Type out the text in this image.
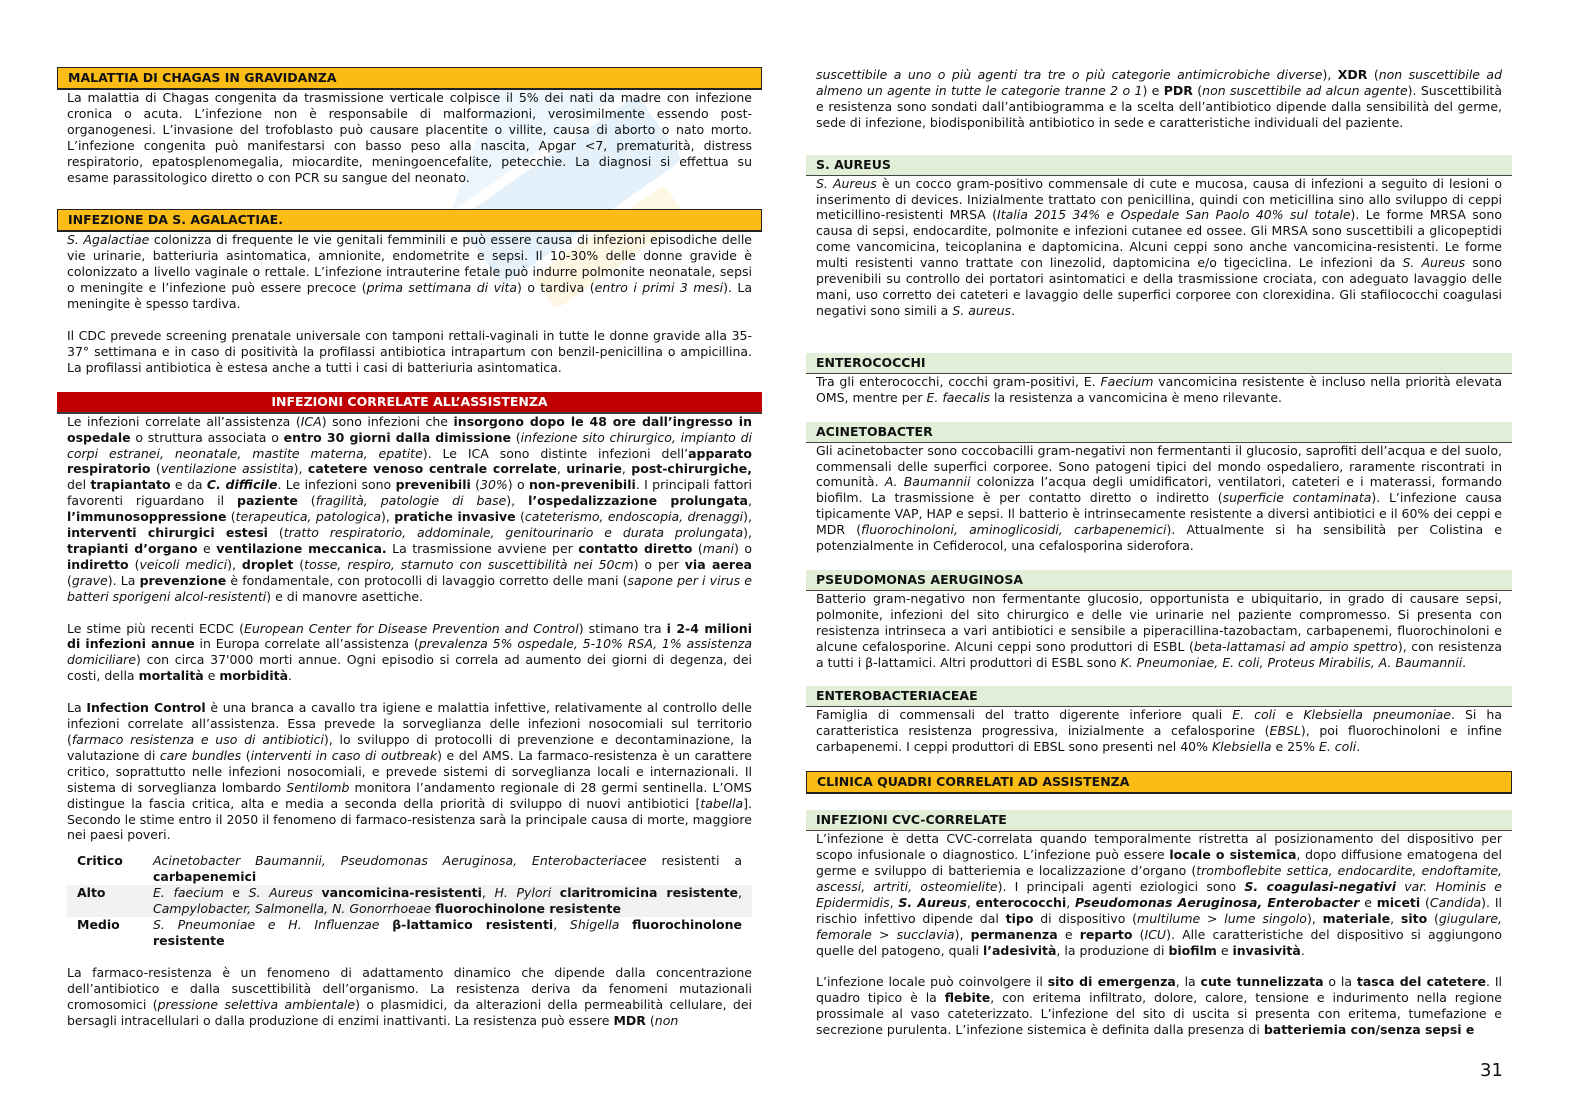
MALATTIA DI CHAGAS IN GRAVIDANZA

La malattia di Chagas congenita da trasmissione verticale colpisce il 5% dei nati da madre con infezione cronica o acuta. L’infezione non è responsabile di malformazioni, verosimilmente essendo post-organogenesi. L’invasione del trofoblasto può causare placentite o villite, causa di aborto o nato morto. L’infezione congenita può manifestarsi con basso peso alla nascita, Apgar <7, prematurità, distress respiratorio, epatosplenomegalia, miocardite, meningoencefalite, petecchie. La diagnosi si effettua su esame parassitologico diretto o con PCR su sangue del neonato.

INFEZIONE DA S. AGALACTIAE.

S. Agalactiae colonizza di frequente le vie genitali femminili e può essere causa di infezioni episodiche delle vie urinarie, batteriuria asintomatica, amnionite, endometrite e sepsi. Il 10-30% delle donne gravide è colonizzato a livello vaginale o rettale. L’infezione intrauterine fetale può indurre polmonite neonatale, sepsi o meningite e l’infezione può essere precoce (prima settimana di vita) o tardiva (entro i primi 3 mesi). La meningite è spesso tardiva.

Il CDC prevede screening prenatale universale con tamponi rettali-vaginali in tutte le donne gravide alla 35-37° settimana e in caso di positività la profilassi antibiotica intrapartum con benzil-penicillina o ampicillina. La profilassi antibiotica è estesa anche a tutti i casi di batteriuria asintomatica.

INFEZIONI CORRELATE ALL’ASSISTENZA

Le infezioni correlate all’assistenza (ICA) sono infezioni che insorgono dopo le 48 ore dall’ingresso in ospedale o struttura associata o entro 30 giorni dalla dimissione (infezione sito chirurgico, impianto di corpi estranei, neonatale, mastite materna, epatite). Le ICA sono distinte infezioni dell’apparato respiratorio (ventilazione assistita), catetere venoso centrale correlate, urinarie, post-chirurgiche, del trapiantato e da C. difficile. Le infezioni sono prevenibili (30%) o non-prevenibili. I principali fattori favorenti riguardano il paziente (fragilità, patologie di base), l’ospedalizzazione prolungata, l’immunosoppressione (terapeutica, patologica), pratiche invasive (cateterismo, endoscopia, drenaggi), interventi chirurgici estesi (tratto respiratorio, addominale, genitourinario e durata prolungata), trapianti d’organo e ventilazione meccanica. La trasmissione avviene per contatto diretto (mani) o indiretto (veicoli medici), droplet (tosse, respiro, starnuto con suscettibilità nei 50cm) o per via aerea (grave). La prevenzione è fondamentale, con protocolli di lavaggio corretto delle mani (sapone per i virus e batteri sporigeni alcol-resistenti) e di manovre asettiche.

Le stime più recenti ECDC (European Center for Disease Prevention and Control) stimano tra i 2-4 milioni di infezioni annue in Europa correlate all’assistenza (prevalenza 5% ospedale, 5-10% RSA, 1% assistenza domiciliare) con circa 37'000 morti annue. Ogni episodio si correla ad aumento dei giorni di degenza, dei costi, della mortalità e morbidità.

La Infection Control è una branca a cavallo tra igiene e malattia infettive, relativamente al controllo delle infezioni correlate all’assistenza. Essa prevede la sorveglianza delle infezioni nosocomiali sul territorio (farmaco resistenza e uso di antibiotici), lo sviluppo di protocolli di prevenzione e decontaminazione, la valutazione di care bundles (interventi in caso di outbreak) e del AMS. La farmaco-resistenza è un carattere critico, soprattutto nelle infezioni nosocomiali, e prevede sistemi di sorveglianza locali e internazionali. Il sistema di sorveglianza lombardo Sentilomb monitora l’andamento regionale di 28 germi sentinella. L’OMS distingue la fascia critica, alta e media a seconda della priorità di sviluppo di nuovi antibiotici [tabella]. Secondo le stime entro il 2050 il fenomeno di farmaco-resistenza sarà la principale causa di morte, maggiore nei paesi poveri.

Critico	Acinetobacter Baumannii, Pseudomonas Aeruginosa, Enterobacteriacee resistenti a carbapenemici
Alto	E. faecium e S. Aureus vancomicina-resistenti, H. Pylori claritromicina resistente, Campylobacter, Salmonella, N. Gonorrhoeae fluorochinolone resistente
Medio	S. Pneumoniae e H. Influenzae β-lattamico resistenti, Shigella fluorochinolone resistente

La farmaco-resistenza è un fenomeno di adattamento dinamico che dipende dalla concentrazione dell’antibiotico e dalla suscettibilità dell’organismo. La resistenza deriva da fenomeni mutazionali cromosomici (pressione selettiva ambientale) o plasmidici, da alterazioni della permeabilità cellulare, dei bersagli intracellulari o dalla produzione di enzimi inattivanti. La resistenza può essere MDR (non

suscettibile a uno o più agenti tra tre o più categorie antimicrobiche diverse), XDR (non suscettibile ad almeno un agente in tutte le categorie tranne 2 o 1) e PDR (non suscettibile ad alcun agente). Suscettibilità e resistenza sono sondati dall’antibiogramma e la scelta dell’antibiotico dipende dalla sensibilità del germe, sede di infezione, biodisponibilità antibiotico in sede e caratteristiche individuali del paziente.

S. AUREUS

S. Aureus è un cocco gram-positivo commensale di cute e mucosa, causa di infezioni a seguito di lesioni o inserimento di devices. Inizialmente trattato con penicillina, quindi con meticillina sino allo sviluppo di ceppi meticillino-resistenti MRSA (Italia 2015 34% e Ospedale San Paolo 40% sul totale). Le forme MRSA sono causa di sepsi, endocardite, polmonite e infezioni cutanee ed ossee. Gli MRSA sono suscettibili a glicopeptidi come vancomicina, teicoplanina e daptomicina. Alcuni ceppi sono anche vancomicina-resistenti. Le forme multi resistenti vanno trattate con linezolid, daptomicina e/o tigeciclina. Le infezioni da S. Aureus sono prevenibili su controllo dei portatori asintomatici e della trasmissione crociata, con adeguato lavaggio delle mani, uso corretto dei cateteri e lavaggio delle superfici corporee con clorexidina. Gli stafilococchi coagulasi negativi sono simili a S. aureus.

ENTEROCOCCHI

Tra gli enterococchi, cocchi gram-positivi, E. Faecium vancomicina resistente è incluso nella priorità elevata OMS, mentre per E. faecalis la resistenza a vancomicina è meno rilevante.

ACINETOBACTER

Gli acinetobacter sono coccobacilli gram-negativi non fermentanti il glucosio, saprofiti dell’acqua e del suolo, commensali delle superfici corporee. Sono patogeni tipici del mondo ospedaliero, raramente riscontrati in comunità. A. Baumannii colonizza l’acqua degli umidificatori, ventilatori, cateteri e i materassi, formando biofilm. La trasmissione è per contatto diretto o indiretto (superficie contaminata). L’infezione causa tipicamente VAP, HAP e sepsi. Il batterio è intrinsecamente resistente a diversi antibiotici e il 60% dei ceppi e MDR (fluorochinoloni, aminoglicosidi, carbapenemici). Attualmente si ha sensibilità per Colistina e potenzialmente in Cefiderocol, una cefalosporina siderofora.

PSEUDOMONAS AERUGINOSA

Batterio gram-negativo non fermentante glucosio, opportunista e ubiquitario, in grado di causare sepsi, polmonite, infezioni del sito chirurgico e delle vie urinarie nel paziente compromesso. Si presenta con resistenza intrinseca a vari antibiotici e sensibile a piperacillina-tazobactam, carbapenemi, fluorochinoloni e alcune cefalosporine. Alcuni ceppi sono produttori di ESBL (beta-lattamasi ad ampio spettro), con resistenza a tutti i β-lattamici. Altri produttori di ESBL sono K. Pneumoniae, E. coli, Proteus Mirabilis, A. Baumannii.

ENTEROBACTERIACEAE

Famiglia di commensali del tratto digerente inferiore quali E. coli e Klebsiella pneumoniae. Si ha caratteristica resistenza progressiva, inizialmente a cefalosporine (EBSL), poi fluorochinoloni e infine carbapenemi. I ceppi produttori di EBSL sono presenti nel 40% Klebsiella e 25% E. coli.

CLINICA QUADRI CORRELATI AD ASSISTENZA
INFEZIONI CVC-CORRELATE

L’infezione è detta CVC-correlata quando temporalmente ristretta al posizionamento del dispositivo per scopo infusionale o diagnostico. L’infezione può essere locale o sistemica, dopo diffusione ematogena del germe e sviluppo di batteriemia e localizzazione d’organo (tromboflebite settica, endocardite, endoftamite, ascessi, artriti, osteomielite). I principali agenti eziologici sono S. coagulasi-negativi var. Hominis e Epidermidis, S. Aureus, enterococchi, Pseudomonas Aeruginosa, Enterobacter e miceti (Candida). Il rischio infettivo dipende dal tipo di dispositivo (multilume > lume singolo), materiale, sito (giugulare, femorale > succlavia), permanenza e reparto (ICU). Alle caratteristiche del dispositivo si aggiungono quelle del patogeno, quali l’adesività, la produzione di biofilm e invasività.

L’infezione locale può coinvolgere il sito di emergenza, la cute tunnelizzata o la tasca del catetere. Il quadro tipico è la flebite, con eritema infiltrato, dolore, calore, tensione e indurimento nella regione prossimale al vaso cateterizzato. L’infezione del sito di uscita si presenta con eritema, tumefazione e secrezione purulenta. L’infezione sistemica è definita dalla presenza di batteriemia con/senza sepsi e

31
